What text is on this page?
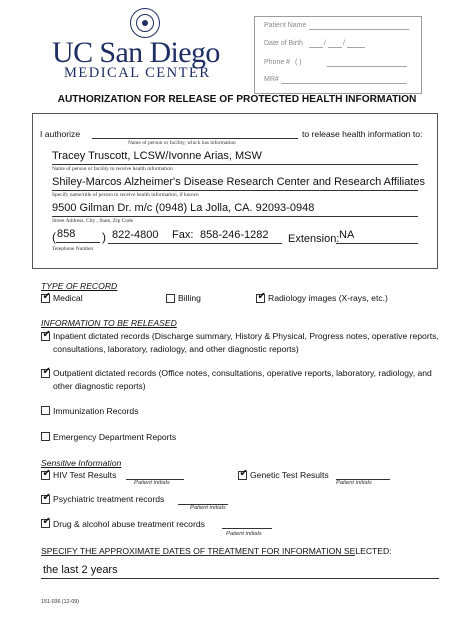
UC San Diego
MEDICAL CENTER
Patient Name
Date of Birth	/ /
Phone # ( )
MR#
AUTHORIZATION FOR RELEASE OF PROTECTED HEALTH INFORMATION
I authorize	to release health information to:
Name of person or facility, which has information
Tracey Truscott, LCSW/Ivonne Arias, MSW
Name of person or facility to receive health information
Shiley-Marcos Alzheimer's Disease Research Center and Research Affiliates
Specify name/title of person to receive health information, if known
9500 Gilman Dr. m/c (0948) La Jolla, CA. 92093-0948
Street Address, City , State, Zip Code
( 858 ) 822-4800 Fax: 858-246-1282 Extension: NA
Telephone Number
TYPE OF RECORD
✔ Medical	Billing	✔ Radiology images (X-rays, etc.)
INFORMATION TO BE RELEASED
✔ Inpatient dictated records (Discharge summary, History & Physical, Progress notes, operative reports, consultations, laboratory, radiology, and other diagnostic reports)
✔ Outpatient dictated records (Office notes, consultations, operative reports, laboratory, radiology, and other diagnostic reports)
Immunization Records
Emergency Department Reports
Sensitive Information
✔ HIV Test Results
Patient initials
✔ Genetic Test Results
Patient initials
✔ Psychiatric treatment records
Patient initials
✔ Drug & alcohol abuse treatment records
Patient initials
SPECIFY THE APPROXIMATE DATES OF TREATMENT FOR INFORMATION SELECTED:
the last 2 years
151-036 (12-09)
